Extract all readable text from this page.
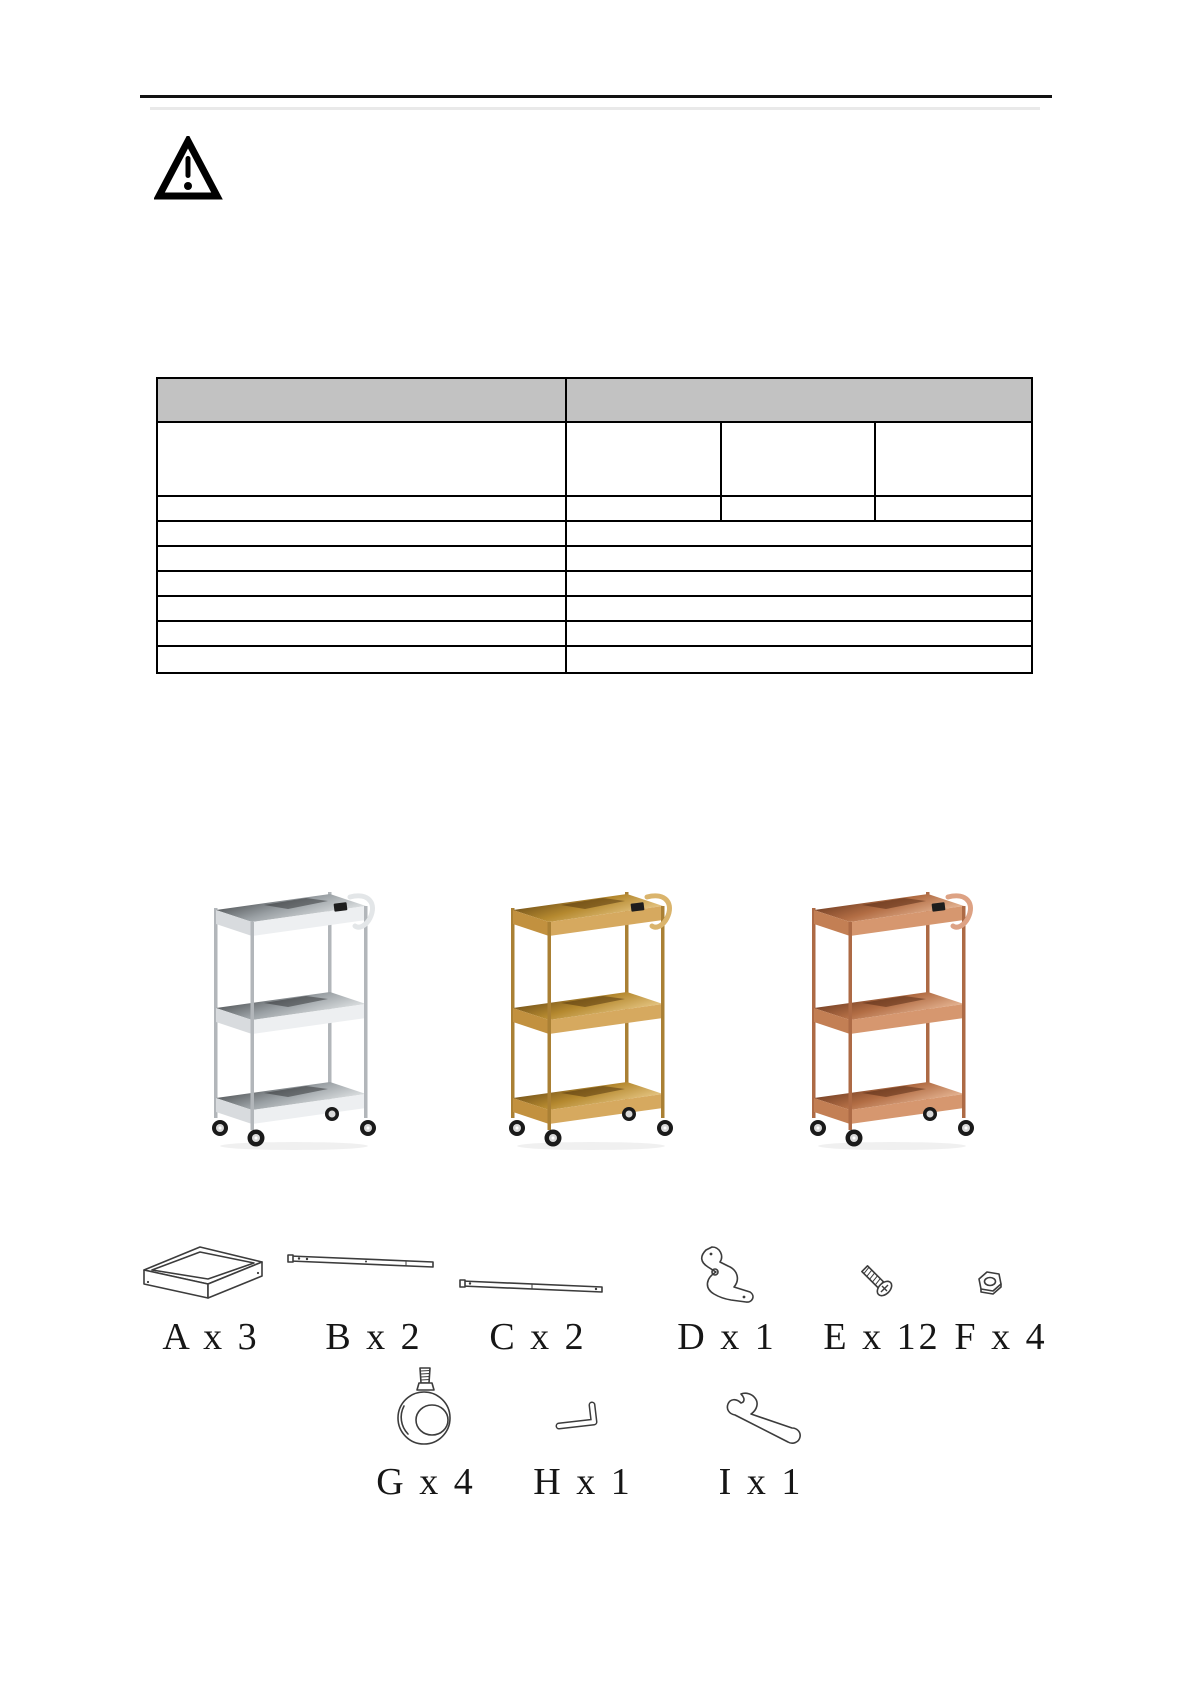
A x 3 B x 2 C x 2 D x 1 E x 12 F x 4
G x 4 H x 1 I x 1
